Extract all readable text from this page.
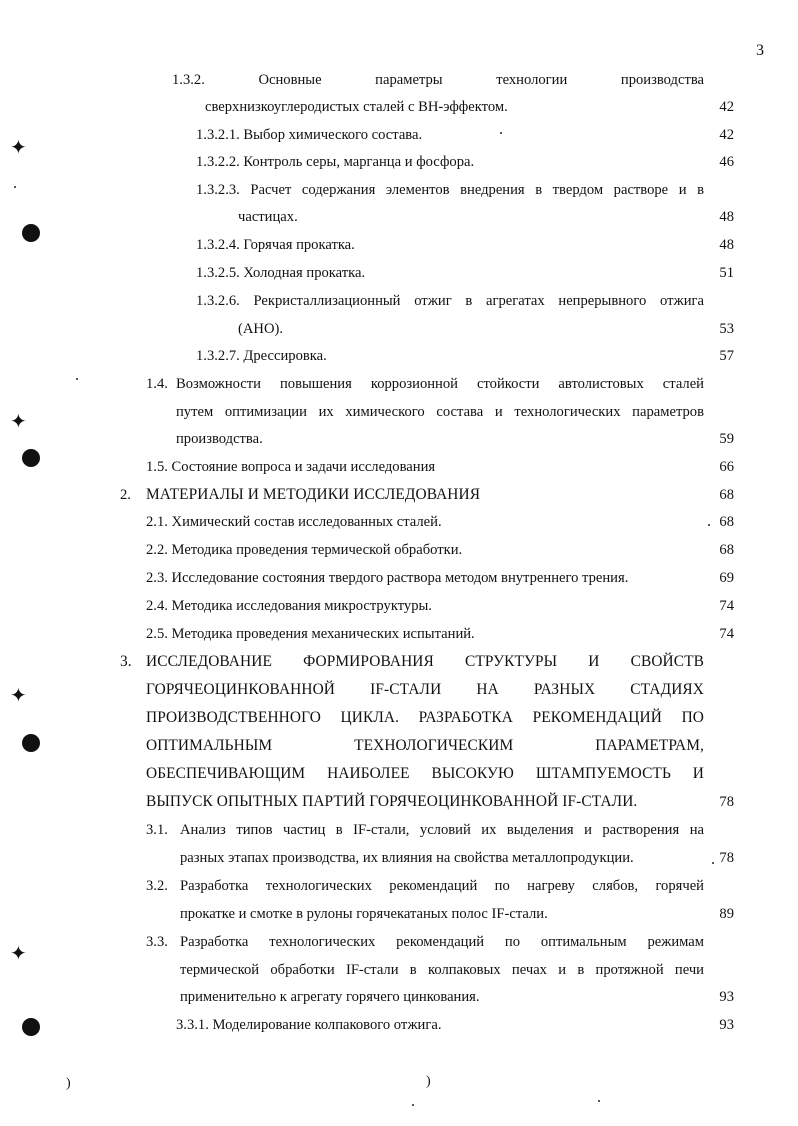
3
✦
✦
✦
✦
)	)
1.3.2.	Основные	параметры	технологии	производства
сверхнизкоуглеродистых сталей с ВН-эффектом.	42
1.3.2.1. Выбор химического состава.	42
1.3.2.2. Контроль серы, марганца и фосфора.	46
1.3.2.3. Расчет содержания элементов внедрения в твердом растворе и в
частицах.	48
1.3.2.4. Горячая прокатка.	48
1.3.2.5. Холодная прокатка.	51
1.3.2.6. Рекристаллизационный отжиг в агрегатах непрерывного отжига
(АНО).	53
1.3.2.7. Дрессировка.	57
1.4. Возможности повышения коррозионной стойкости автолистовых сталей
путем оптимизации их химического состава и технологических параметров
производства.	59
1.5. Состояние вопроса и задачи исследования	66
2. МАТЕРИАЛЫ И МЕТОДИКИ ИССЛЕДОВАНИЯ	68
2.1. Химический состав исследованных сталей.	68
2.2. Методика проведения термической обработки.	68
2.3. Исследование состояния твердого раствора методом внутреннего трения.	69
2.4. Методика исследования микроструктуры.	74
2.5. Методика проведения механических испытаний.	74
3. ИССЛЕДОВАНИЕ ФОРМИРОВАНИЯ СТРУКТУРЫ И СВОЙСТВ
ГОРЯЧЕОЦИНКОВАННОЙ IF-СТАЛИ НА РАЗНЫХ СТАДИЯХ
ПРОИЗВОДСТВЕННОГО ЦИКЛА. РАЗРАБОТКА РЕКОМЕНДАЦИЙ ПО
ОПТИМАЛЬНЫМ ТЕХНОЛОГИЧЕСКИМ ПАРАМЕТРАМ,
ОБЕСПЕЧИВАЮЩИМ НАИБОЛЕЕ ВЫСОКУЮ ШТАМПУЕМОСТЬ И
ВЫПУСК ОПЫТНЫХ ПАРТИЙ ГОРЯЧЕОЦИНКОВАННОЙ IF-СТАЛИ.	78
3.1. Анализ типов частиц в IF-стали, условий их выделения и растворения на
разных этапах производства, их влияния на свойства металлопродукции.	78
3.2. Разработка технологических рекомендаций по нагреву слябов, горячей
прокатке и смотке в рулоны горячекатаных полос IF-стали.	89
3.3. Разработка технологических рекомендаций по оптимальным режимам
термической обработки IF-стали в колпаковых печах и в протяжной печи
применительно к агрегату горячего цинкования.	93
3.3.1. Моделирование колпакового отжига.	93
